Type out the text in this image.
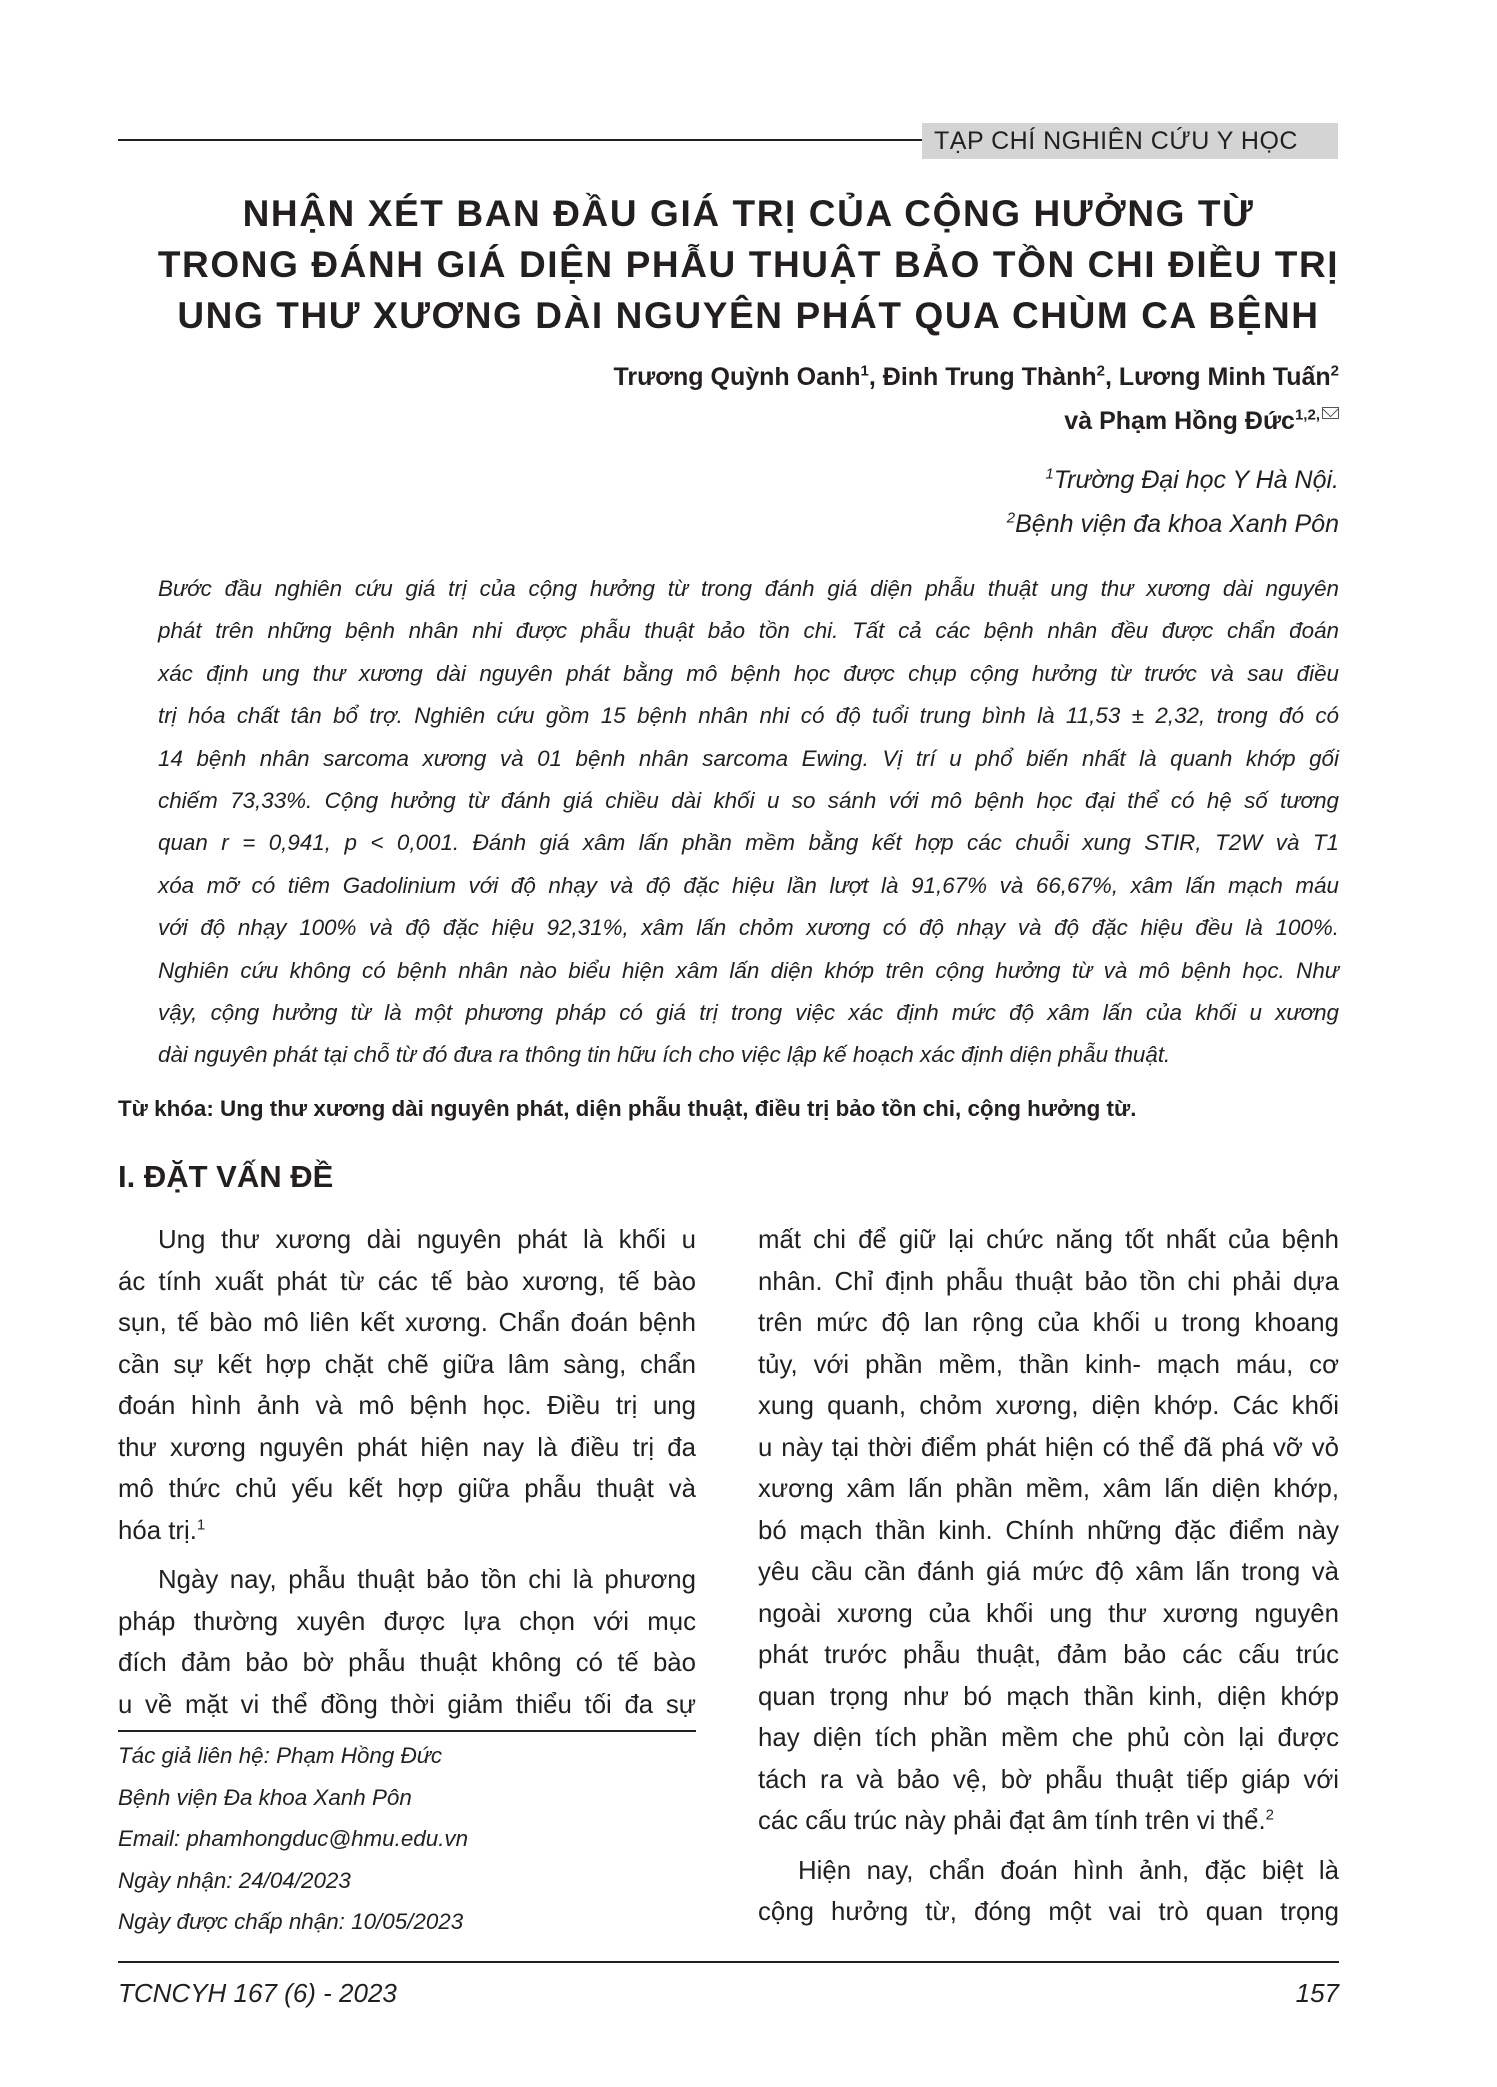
TẠP CHÍ NGHIÊN CỨU Y HỌC
NHẬN XÉT BAN ĐẦU GIÁ TRỊ CỦA CỘNG HƯỞNG TỪ
TRONG ĐÁNH GIÁ DIỆN PHẪU THUẬT BẢO TỒN CHI ĐIỀU TRỊ
UNG THƯ XƯƠNG DÀI NGUYÊN PHÁT QUA CHÙM CA BỆNH
Trương Quỳnh Oanh$^1$, Đinh Trung Thành$^2$, Lương Minh Tuấn$^2$
và Phạm Hồng Đức$^{1,2,}$
$^1$Trường Đại học Y Hà Nội.
$^2$Bệnh viện đa khoa Xanh Pôn
Bước đầu nghiên cứu giá trị của cộng hưởng từ trong đánh giá diện phẫu thuật ung thư xương dài nguyên
phát trên những bệnh nhân nhi được phẫu thuật bảo tồn chi. Tất cả các bệnh nhân đều được chẩn đoán
xác định ung thư xương dài nguyên phát bằng mô bệnh học được chụp cộng hưởng từ trước và sau điều
trị hóa chất tân bổ trợ. Nghiên cứu gồm 15 bệnh nhân nhi có độ tuổi trung bình là 11,53 ± 2,32, trong đó có
14 bệnh nhân sarcoma xương và 01 bệnh nhân sarcoma Ewing. Vị trí u phổ biến nhất là quanh khớp gối
chiếm 73,33%. Cộng hưởng từ đánh giá chiều dài khối u so sánh với mô bệnh học đại thể có hệ số tương
quan r = 0,941, p < 0,001. Đánh giá xâm lấn phần mềm bằng kết hợp các chuỗi xung STIR, T2W và T1
xóa mỡ có tiêm Gadolinium với độ nhạy và độ đặc hiệu lần lượt là 91,67% và 66,67%, xâm lấn mạch máu
với độ nhạy 100% và độ đặc hiệu 92,31%, xâm lấn chỏm xương có độ nhạy và độ đặc hiệu đều là 100%.
Nghiên cứu không có bệnh nhân nào biểu hiện xâm lấn diện khớp trên cộng hưởng từ và mô bệnh học. Như
vậy, cộng hưởng từ là một phương pháp có giá trị trong việc xác định mức độ xâm lấn của khối u xương
dài nguyên phát tại chỗ từ đó đưa ra thông tin hữu ích cho việc lập kế hoạch xác định diện phẫu thuật.
Từ khóa: Ung thư xương dài nguyên phát, diện phẫu thuật, điều trị bảo tồn chi, cộng hưởng từ.
I. ĐẶT VẤN ĐỀ
Ung thư xương dài nguyên phát là khối u
ác tính xuất phát từ các tế bào xương, tế bào
sụn, tế bào mô liên kết xương. Chẩn đoán bệnh
cần sự kết hợp chặt chẽ giữa lâm sàng, chẩn
đoán hình ảnh và mô bệnh học. Điều trị ung
thư xương nguyên phát hiện nay là điều trị đa
mô thức chủ yếu kết hợp giữa phẫu thuật và
hóa trị.$^1$
Ngày nay, phẫu thuật bảo tồn chi là phương
pháp thường xuyên được lựa chọn với mục
đích đảm bảo bờ phẫu thuật không có tế bào
u về mặt vi thể đồng thời giảm thiểu tối đa sự
Tác giả liên hệ: Phạm Hồng Đức
Bệnh viện Đa khoa Xanh Pôn
Email: phamhongduc@hmu.edu.vn
Ngày nhận: 24/04/2023
Ngày được chấp nhận: 10/05/2023
mất chi để giữ lại chức năng tốt nhất của bệnh
nhân. Chỉ định phẫu thuật bảo tồn chi phải dựa
trên mức độ lan rộng của khối u trong khoang
tủy, với phần mềm, thần kinh- mạch máu, cơ
xung quanh, chỏm xương, diện khớp. Các khối
u này tại thời điểm phát hiện có thể đã phá vỡ vỏ
xương xâm lấn phần mềm, xâm lấn diện khớp,
bó mạch thần kinh. Chính những đặc điểm này
yêu cầu cần đánh giá mức độ xâm lấn trong và
ngoài xương của khối ung thư xương nguyên
phát trước phẫu thuật, đảm bảo các cấu trúc
quan trọng như bó mạch thần kinh, diện khớp
hay diện tích phần mềm che phủ còn lại được
tách ra và bảo vệ, bờ phẫu thuật tiếp giáp với
các cấu trúc này phải đạt âm tính trên vi thể.$^2$
Hiện nay, chẩn đoán hình ảnh, đặc biệt là
cộng hưởng từ, đóng một vai trò quan trọng
TCNCYH 167 (6) - 2023	157
